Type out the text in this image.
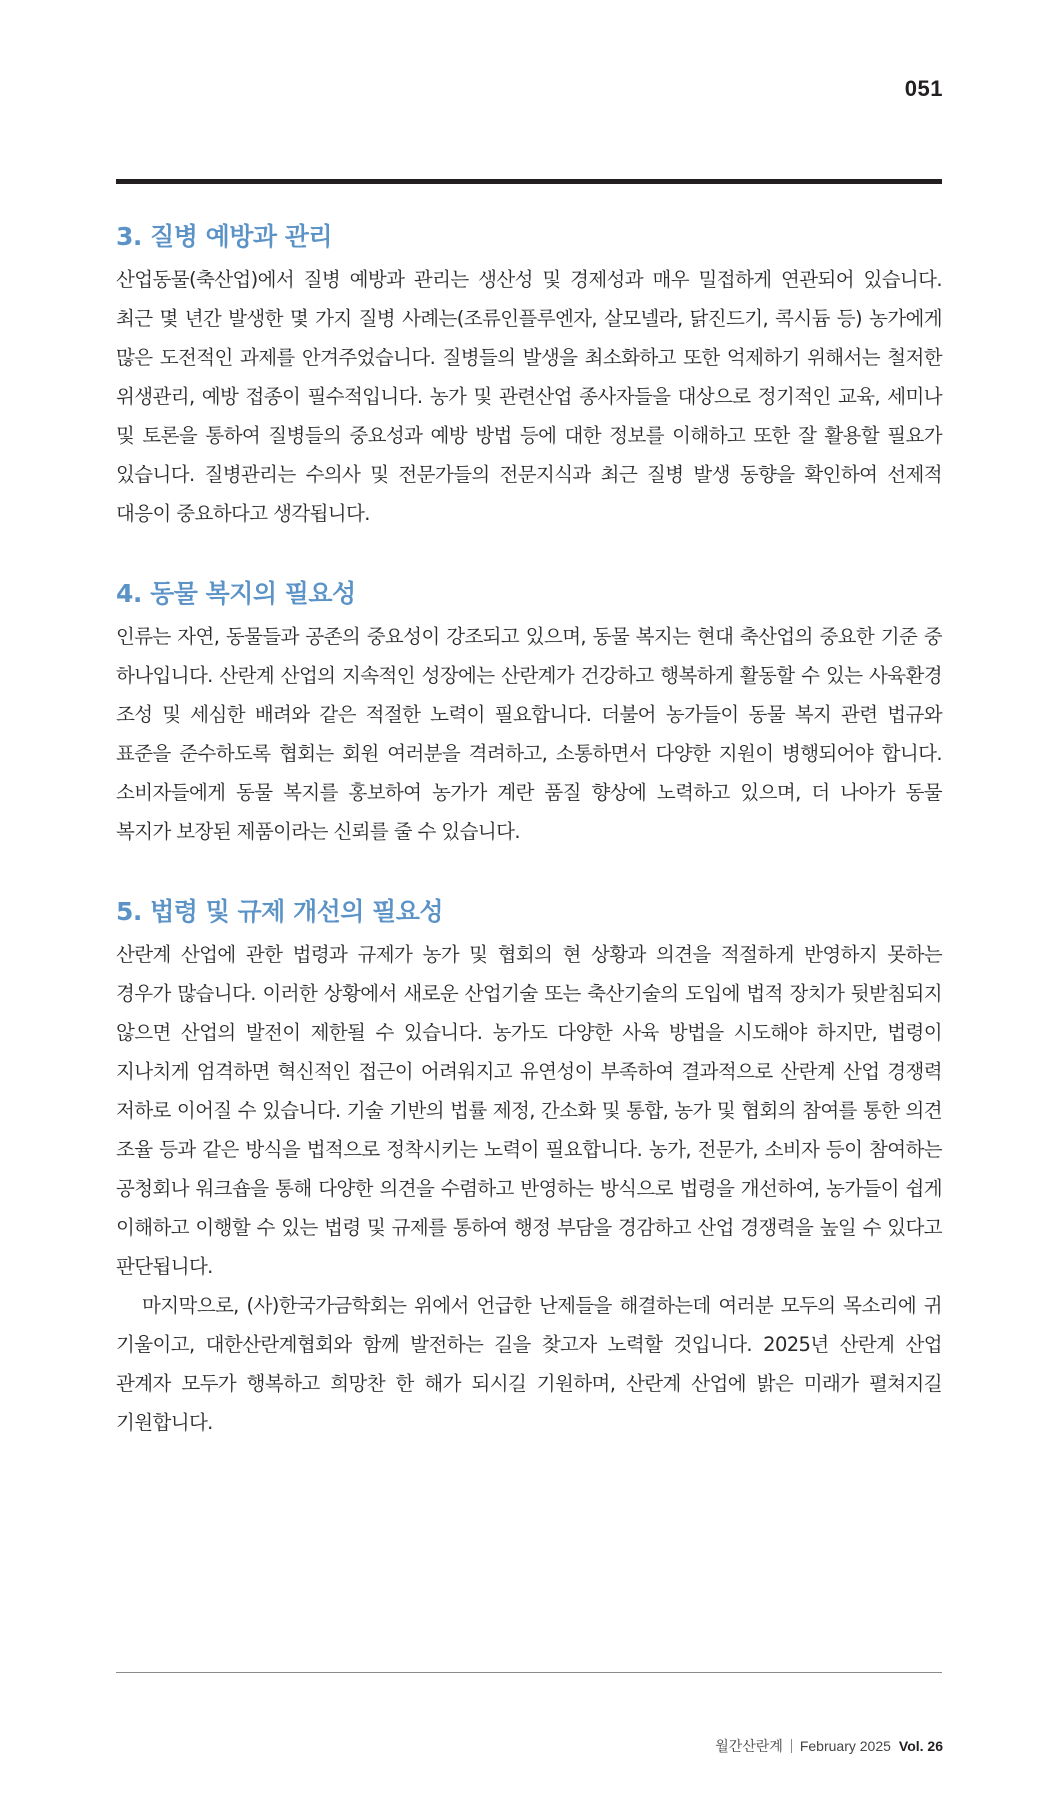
051
3. 질병 예방과 관리

산업동물(축산업)에서 질병 예방과 관리는 생산성 및 경제성과 매우 밀접하게 연관되어 있습니다. 최근 몇 년간 발생한 몇 가지 질병 사례는(조류인플루엔자, 살모넬라, 닭진드기, 콕시듐 등) 농가에게 많은 도전적인 과제를 안겨주었습니다. 질병들의 발생을 최소화하고 또한 억제하기 위해서는 철저한 위생관리, 예방 접종이 필수적입니다. 농가 및 관련산업 종사자들을 대상으로 정기적인 교육, 세미나 및 토론을 통하여 질병들의 중요성과 예방 방법 등에 대한 정보를 이해하고 또한 잘 활용할 필요가 있습니다. 질병관리는 수의사 및 전문가들의 전문지식과 최근 질병 발생 동향을 확인하여 선제적 대응이 중요하다고 생각됩니다.

4. 동물 복지의 필요성

인류는 자연, 동물들과 공존의 중요성이 강조되고 있으며, 동물 복지는 현대 축산업의 중요한 기준 중 하나입니다. 산란계 산업의 지속적인 성장에는 산란계가 건강하고 행복하게 활동할 수 있는 사육환경 조성 및 세심한 배려와 같은 적절한 노력이 필요합니다. 더불어 농가들이 동물 복지 관련 법규와 표준을 준수하도록 협회는 회원 여러분을 격려하고, 소통하면서 다양한 지원이 병행되어야 합니다. 소비자들에게 동물 복지를 홍보하여 농가가 계란 품질 향상에 노력하고 있으며, 더 나아가 동물 복지가 보장된 제품이라는 신뢰를 줄 수 있습니다.

5. 법령 및 규제 개선의 필요성

산란계 산업에 관한 법령과 규제가 농가 및 협회의 현 상황과 의견을 적절하게 반영하지 못하는 경우가 많습니다. 이러한 상황에서 새로운 산업기술 또는 축산기술의 도입에 법적 장치가 뒷받침되지 않으면 산업의 발전이 제한될 수 있습니다. 농가도 다양한 사육 방법을 시도해야 하지만, 법령이 지나치게 엄격하면 혁신적인 접근이 어려워지고 유연성이 부족하여 결과적으로 산란계 산업 경쟁력 저하로 이어질 수 있습니다. 기술 기반의 법률 제정, 간소화 및 통합, 농가 및 협회의 참여를 통한 의견 조율 등과 같은 방식을 법적으로 정착시키는 노력이 필요합니다. 농가, 전문가, 소비자 등이 참여하는 공청회나 워크숍을 통해 다양한 의견을 수렴하고 반영하는 방식으로 법령을 개선하여, 농가들이 쉽게 이해하고 이행할 수 있는 법령 및 규제를 통하여 행정 부담을 경감하고 산업 경쟁력을 높일 수 있다고 판단됩니다.

마지막으로, (사)한국가금학회는 위에서 언급한 난제들을 해결하는데 여러분 모두의 목소리에 귀 기울이고, 대한산란계협회와 함께 발전하는 길을 찾고자 노력할 것입니다. 2025년 산란계 산업 관계자 모두가 행복하고 희망찬 한 해가 되시길 기원하며, 산란계 산업에 밝은 미래가 펼쳐지길 기원합니다.

월간산란계 February 2025 Vol. 26
